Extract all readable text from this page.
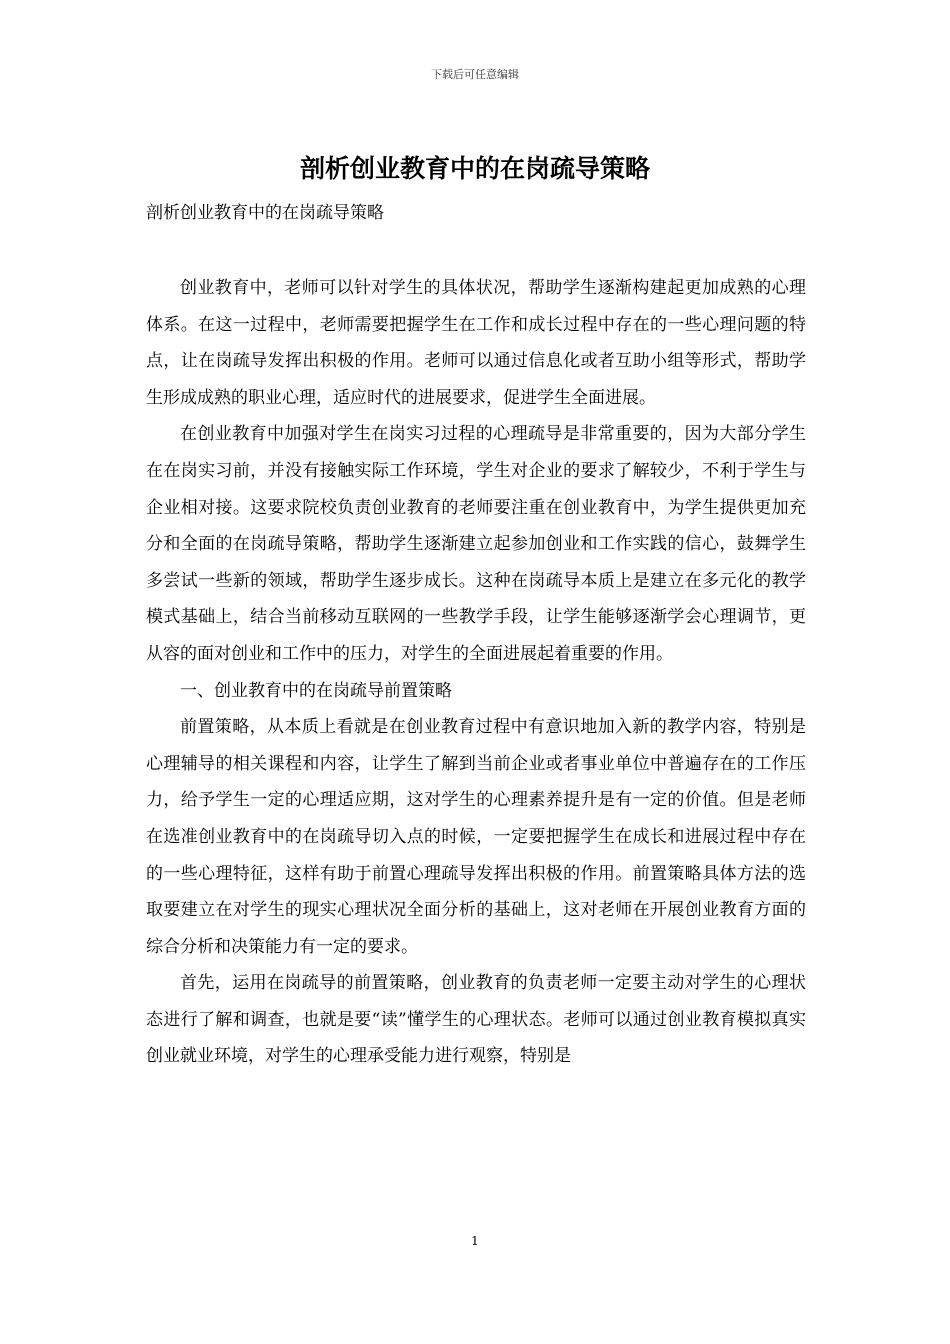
下载后可任意编辑
剖析创业教育中的在岗疏导策略
剖析创业教育中的在岗疏导策略

创业教育中，老师可以针对学生的具体状况，帮助学生逐渐构建起更加成熟的心理体系。在这一过程中，老师需要把握学生在工作和成长过程中存在的一些心理问题的特点，让在岗疏导发挥出积极的作用。老师可以通过信息化或者互助小组等形式，帮助学生形成成熟的职业心理，适应时代的进展要求，促进学生全面进展。

在创业教育中加强对学生在岗实习过程的心理疏导是非常重要的，因为大部分学生在在岗实习前，并没有接触实际工作环境，学生对企业的要求了解较少，不利于学生与企业相对接。这要求院校负责创业教育的老师要注重在创业教育中，为学生提供更加充分和全面的在岗疏导策略，帮助学生逐渐建立起参加创业和工作实践的信心，鼓舞学生多尝试一些新的领域，帮助学生逐步成长。这种在岗疏导本质上是建立在多元化的教学模式基础上，结合当前移动互联网的一些教学手段，让学生能够逐渐学会心理调节，更从容的面对创业和工作中的压力，对学生的全面进展起着重要的作用。

一、创业教育中的在岗疏导前置策略

前置策略，从本质上看就是在创业教育过程中有意识地加入新的教学内容，特别是心理辅导的相关课程和内容，让学生了解到当前企业或者事业单位中普遍存在的工作压力，给予学生一定的心理适应期，这对学生的心理素养提升是有一定的价值。但是老师在选准创业教育中的在岗疏导切入点的时候，一定要把握学生在成长和进展过程中存在的一些心理特征，这样有助于前置心理疏导发挥出积极的作用。前置策略具体方法的选取要建立在对学生的现实心理状况全面分析的基础上，这对老师在开展创业教育方面的综合分析和决策能力有一定的要求。

首先，运用在岗疏导的前置策略，创业教育的负责老师一定要主动对学生的心理状态进行了解和调查，也就是要“读”懂学生的心理状态。老师可以通过创业教育模拟真实创业就业环境，对学生的心理承受能力进行观察，特别是

1
